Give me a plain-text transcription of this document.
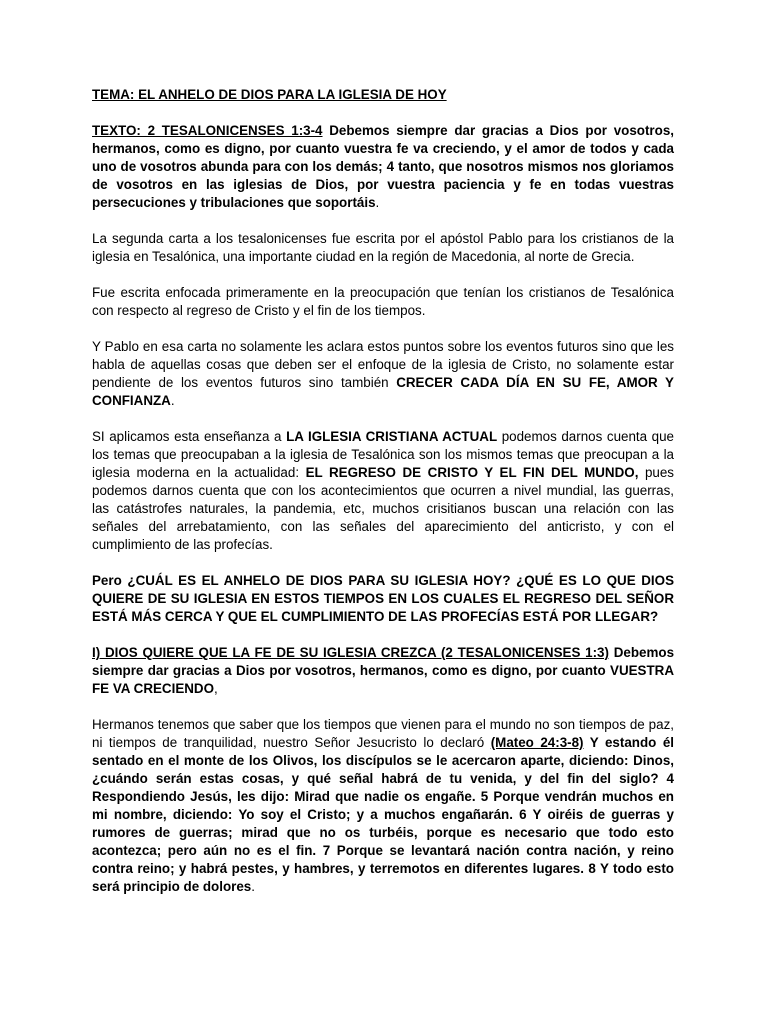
TEMA: EL ANHELO DE DIOS PARA LA IGLESIA DE HOY

TEXTO: 2 TESALONICENSES 1:3-4 Debemos siempre dar gracias a Dios por vosotros, hermanos, como es digno, por cuanto vuestra fe va creciendo, y el amor de todos y cada uno de vosotros abunda para con los demás; 4 tanto, que nosotros mismos nos gloriamos de vosotros en las iglesias de Dios, por vuestra paciencia y fe en todas vuestras persecuciones y tribulaciones que soportáis.

La segunda carta a los tesalonicenses fue escrita por el apóstol Pablo para los cristianos de la iglesia en Tesalónica, una importante ciudad en la región de Macedonia, al norte de Grecia.

Fue escrita enfocada primeramente en la preocupación que tenían los cristianos de Tesalónica con respecto al regreso de Cristo y el fin de los tiempos.

Y Pablo en esa carta no solamente les aclara estos puntos sobre los eventos futuros sino que les habla de aquellas cosas que deben ser el enfoque de la iglesia de Cristo, no solamente estar pendiente de los eventos futuros sino también CRECER CADA DÍA EN SU FE, AMOR Y CONFIANZA.

SI aplicamos esta enseñanza a LA IGLESIA CRISTIANA ACTUAL podemos darnos cuenta que los temas que preocupaban a la iglesia de Tesalónica son los mismos temas que preocupan a la iglesia moderna en la actualidad: EL REGRESO DE CRISTO Y EL FIN DEL MUNDO, pues podemos darnos cuenta que con los acontecimientos que ocurren a nivel mundial, las guerras, las catástrofes naturales, la pandemia, etc, muchos crisitianos buscan una relación con las señales del arrebatamiento, con las señales del aparecimiento del anticristo, y con el cumplimiento de las profecías.

Pero ¿CUÁL ES EL ANHELO DE DIOS PARA SU IGLESIA HOY? ¿QUÉ ES LO QUE DIOS QUIERE DE SU IGLESIA EN ESTOS TIEMPOS EN LOS CUALES EL REGRESO DEL SEÑOR ESTÁ MÁS CERCA Y QUE EL CUMPLIMIENTO DE LAS PROFECÍAS ESTÁ POR LLEGAR?

I) DIOS QUIERE QUE LA FE DE SU IGLESIA CREZCA (2 TESALONICENSES 1:3) Debemos siempre dar gracias a Dios por vosotros, hermanos, como es digno, por cuanto VUESTRA FE VA CRECIENDO,

Hermanos tenemos que saber que los tiempos que vienen para el mundo no son tiempos de paz, ni tiempos de tranquilidad, nuestro Señor Jesucristo lo declaró (Mateo 24:3-8) Y estando él sentado en el monte de los Olivos, los discípulos se le acercaron aparte, diciendo: Dinos, ¿cuándo serán estas cosas, y qué señal habrá de tu venida, y del fin del siglo? 4 Respondiendo Jesús, les dijo: Mirad que nadie os engañe. 5 Porque vendrán muchos en mi nombre, diciendo: Yo soy el Cristo; y a muchos engañarán. 6 Y oiréis de guerras y rumores de guerras; mirad que no os turbéis, porque es necesario que todo esto acontezca; pero aún no es el fin. 7 Porque se levantará nación contra nación, y reino contra reino; y habrá pestes, y hambres, y terremotos en diferentes lugares. 8 Y todo esto será principio de dolores.
